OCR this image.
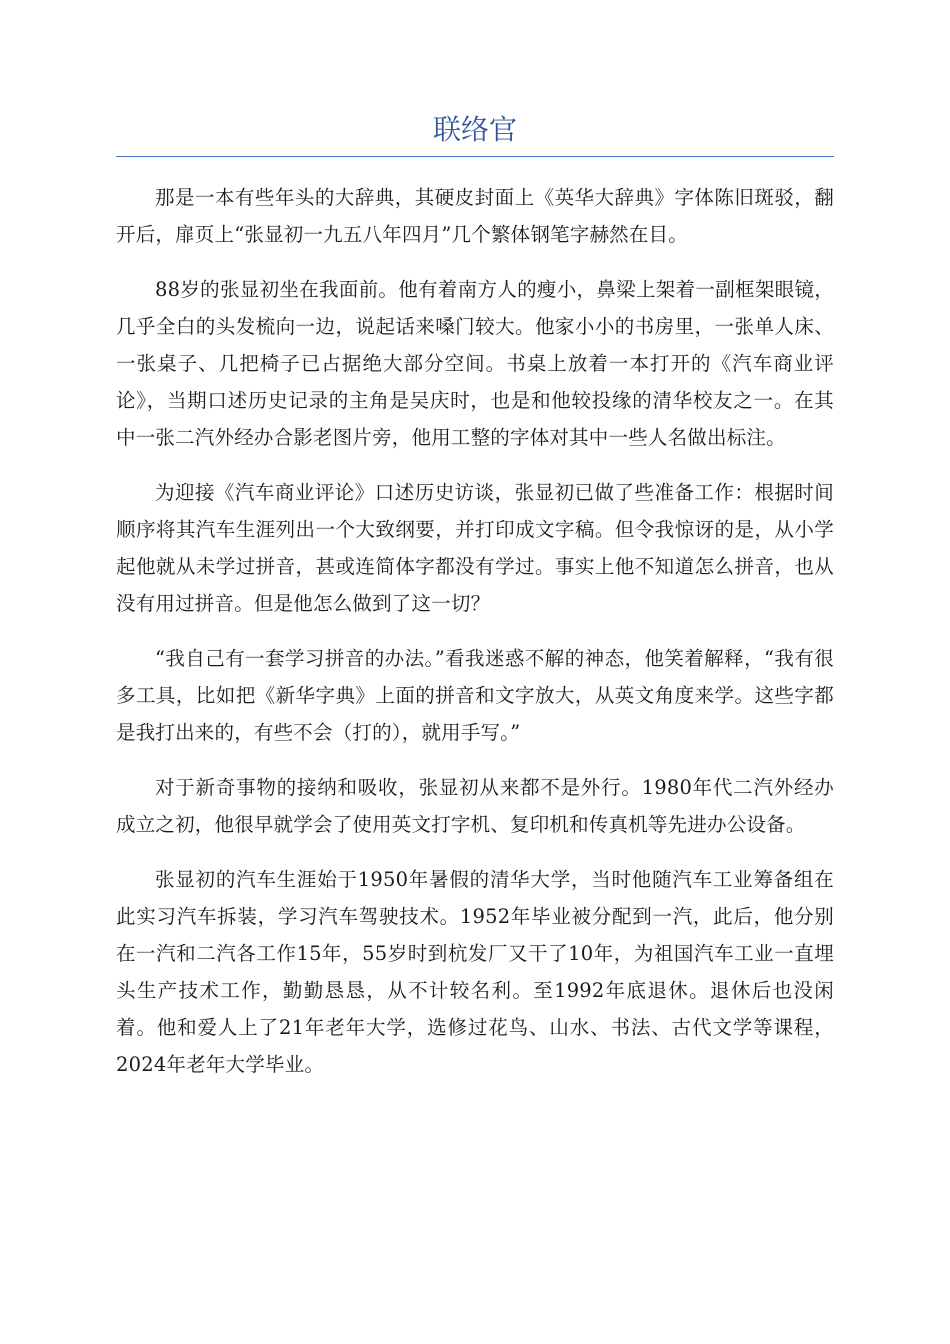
联络官

那是一本有些年头的大辞典，其硬皮封面上《英华大辞典》字体陈旧斑驳，翻开后，扉页上“张显初一九五八年四月”几个繁体钢笔字赫然在目。

88岁的张显初坐在我面前。他有着南方人的瘦小，鼻梁上架着一副框架眼镜，几乎全白的头发梳向一边，说起话来嗓门较大。他家小小的书房里，一张单人床、一张桌子、几把椅子已占据绝大部分空间。书桌上放着一本打开的《汽车商业评论》，当期口述历史记录的主角是吴庆时，也是和他较投缘的清华校友之一。在其中一张二汽外经办合影老图片旁，他用工整的字体对其中一些人名做出标注。

为迎接《汽车商业评论》口述历史访谈，张显初已做了些准备工作：根据时间顺序将其汽车生涯列出一个大致纲要，并打印成文字稿。但令我惊讶的是，从小学起他就从未学过拼音，甚或连简体字都没有学过。事实上他不知道怎么拼音，也从没有用过拼音。但是他怎么做到了这一切？

“我自己有一套学习拼音的办法。”看我迷惑不解的神态，他笑着解释，“我有很多工具，比如把《新华字典》上面的拼音和文字放大，从英文角度来学。这些字都是我打出来的，有些不会（打的），就用手写。”

对于新奇事物的接纳和吸收，张显初从来都不是外行。1980年代二汽外经办成立之初，他很早就学会了使用英文打字机、复印机和传真机等先进办公设备。

张显初的汽车生涯始于1950年暑假的清华大学，当时他随汽车工业筹备组在此实习汽车拆装，学习汽车驾驶技术。1952年毕业被分配到一汽，此后，他分别在一汽和二汽各工作15年，55岁时到杭发厂又干了10年，为祖国汽车工业一直埋头生产技术工作，勤勤恳恳，从不计较名利。至1992年底退休。退休后也没闲着。他和爱人上了21年老年大学，选修过花鸟、山水、书法、古代文学等课程，2024年老年大学毕业。
